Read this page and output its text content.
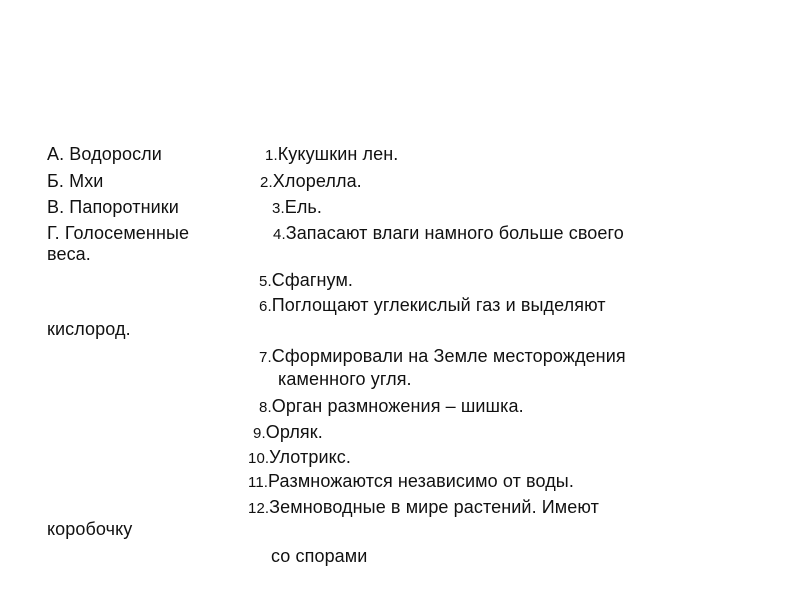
А. Водоросли
Б. Мхи
В. Папоротники
Г. Голосеменные
веса.
1.Кукушкин лен.
2.Хлорелла.
3.Ель.
4.Запасают влаги намного больше своего
5.Сфагнум.
6.Поглощают углекислый газ и выделяют
кислород.
7.Сформировали на Земле месторождения
каменного угля.
8.Орган размножения – шишка.
9.Орляк.
10.Улотрикс.
11.Размножаются независимо от воды.
12.Земноводные в мире растений. Имеют
коробочку
со спорами
